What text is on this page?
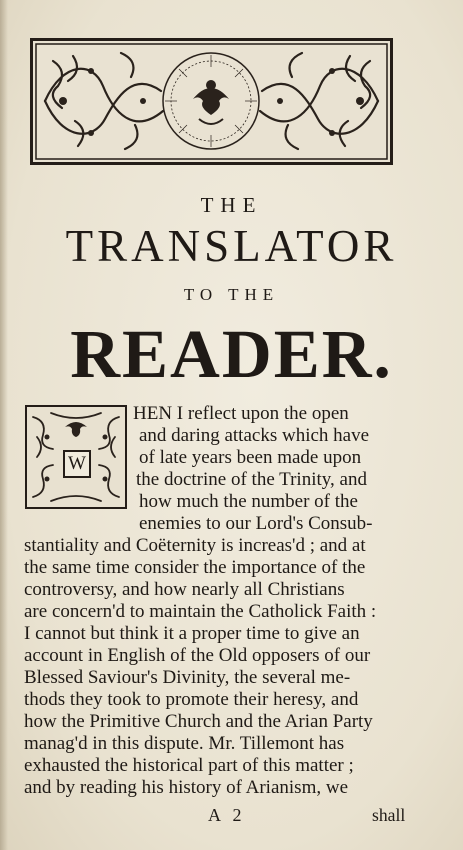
THE
TRANSLATOR
TO THE
READER.
W
HEN I reflect upon the open
and daring attacks which have
of late years been made upon
the doctrine of the Trinity, and
how much the number of the
enemies to our Lord's Consub-
stantiality and Coëternity is increas'd ; and at
the same time consider the importance of the
controversy, and how nearly all Christians
are concern'd to maintain the Catholick Faith :
I cannot but think it a proper time to give an
account in English of the Old opposers of our
Blessed Saviour's Divinity, the several me-
thods they took to promote their heresy, and
how the Primitive Church and the Arian Party
manag'd in this dispute. Mr. Tillemont has
exhausted the historical part of this matter ;
and by reading his history of Arianism, we
A 2	shall
